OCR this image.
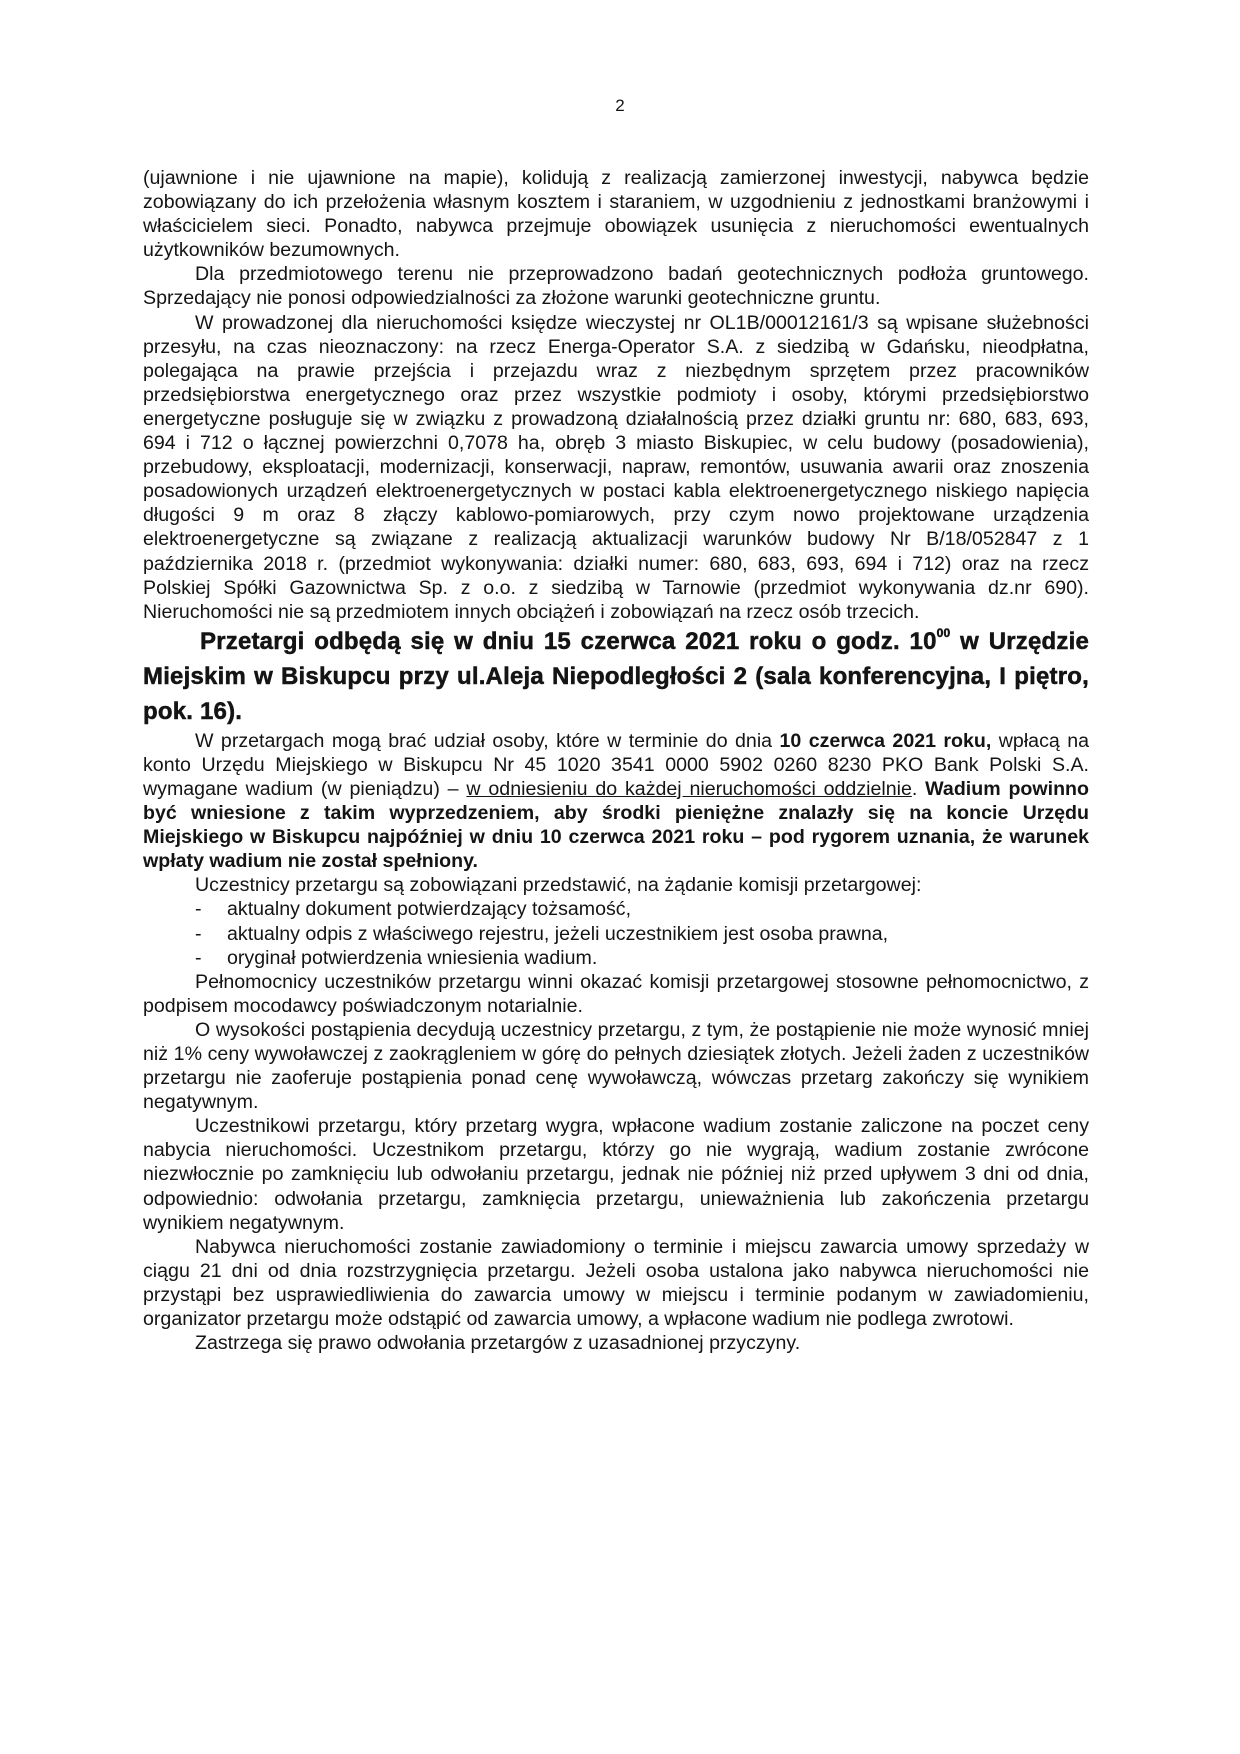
2

(ujawnione i nie ujawnione na mapie), kolidują z realizacją zamierzonej inwestycji, nabywca będzie zobowiązany do ich przełożenia własnym kosztem i staraniem, w uzgodnieniu z jednostkami branżowymi i właścicielem sieci. Ponadto, nabywca przejmuje obowiązek usunięcia z nieruchomości ewentualnych użytkowników bezumownych.

Dla przedmiotowego terenu nie przeprowadzono badań geotechnicznych podłoża gruntowego. Sprzedający nie ponosi odpowiedzialności za złożone warunki geotechniczne gruntu.

W prowadzonej dla nieruchomości księdze wieczystej nr OL1B/00012161/3 są wpisane służebności przesyłu, na czas nieoznaczony: na rzecz Energa-Operator S.A. z siedzibą w Gdańsku, nieodpłatna, polegająca na prawie przejścia i przejazdu wraz z niezbędnym sprzętem przez pracowników przedsiębiorstwa energetycznego oraz przez wszystkie podmioty i osoby, którymi przedsiębiorstwo energetyczne posługuje się w związku z prowadzoną działalnością przez działki gruntu nr: 680, 683, 693, 694 i 712 o łącznej powierzchni 0,7078 ha, obręb 3 miasto Biskupiec, w celu budowy (posadowienia), przebudowy, eksploatacji, modernizacji, konserwacji, napraw, remontów, usuwania awarii oraz znoszenia posadowionych urządzeń elektroenergetycznych w postaci kabla elektroenergetycznego niskiego napięcia długości 9 m oraz 8 złączy kablowo-pomiarowych, przy czym nowo projektowane urządzenia elektroenergetyczne są związane z realizacją aktualizacji warunków budowy Nr B/18/052847 z 1 października 2018 r. (przedmiot wykonywania: działki numer: 680, 683, 693, 694 i 712) oraz na rzecz Polskiej Spółki Gazownictwa Sp. z o.o. z siedzibą w Tarnowie (przedmiot wykonywania dz.nr 690). Nieruchomości nie są przedmiotem innych obciążeń i zobowiązań na rzecz osób trzecich.

Przetargi odbędą się w dniu 15 czerwca 2021 roku o godz. $10^{00}$ w Urzędzie Miejskim w Biskupcu przy ul.Aleja Niepodległości 2 (sala konferencyjna, I piętro, pok. 16).

W przetargach mogą brać udział osoby, które w terminie do dnia 10 czerwca 2021 roku, wpłacą na konto Urzędu Miejskiego w Biskupcu Nr 45 1020 3541 0000 5902 0260 8230 PKO Bank Polski S.A. wymagane wadium (w pieniądzu) – w odniesieniu do każdej nieruchomości oddzielnie. Wadium powinno być wniesione z takim wyprzedzeniem, aby środki pieniężne znalazły się na koncie Urzędu Miejskiego w Biskupcu najpóźniej w dniu 10 czerwca 2021 roku – pod rygorem uznania, że warunek wpłaty wadium nie został spełniony.

Uczestnicy przetargu są zobowiązani przedstawić, na żądanie komisji przetargowej:

- aktualny dokument potwierdzający tożsamość,
- aktualny odpis z właściwego rejestru, jeżeli uczestnikiem jest osoba prawna,
- oryginał potwierdzenia wniesienia wadium.

Pełnomocnicy uczestników przetargu winni okazać komisji przetargowej stosowne pełnomocnictwo, z podpisem mocodawcy poświadczonym notarialnie.

O wysokości postąpienia decydują uczestnicy przetargu, z tym, że postąpienie nie może wynosić mniej niż 1% ceny wywoławczej z zaokrągleniem w górę do pełnych dziesiątek złotych. Jeżeli żaden z uczestników przetargu nie zaoferuje postąpienia ponad cenę wywoławczą, wówczas przetarg zakończy się wynikiem negatywnym.

Uczestnikowi przetargu, który przetarg wygra, wpłacone wadium zostanie zaliczone na poczet ceny nabycia nieruchomości. Uczestnikom przetargu, którzy go nie wygrają, wadium zostanie zwrócone niezwłocznie po zamknięciu lub odwołaniu przetargu, jednak nie później niż przed upływem 3 dni od dnia, odpowiednio: odwołania przetargu, zamknięcia przetargu, unieważnienia lub zakończenia przetargu wynikiem negatywnym.

Nabywca nieruchomości zostanie zawiadomiony o terminie i miejscu zawarcia umowy sprzedaży w ciągu 21 dni od dnia rozstrzygnięcia przetargu. Jeżeli osoba ustalona jako nabywca nieruchomości nie przystąpi bez usprawiedliwienia do zawarcia umowy w miejscu i terminie podanym w zawiadomieniu, organizator przetargu może odstąpić od zawarcia umowy, a wpłacone wadium nie podlega zwrotowi.

Zastrzega się prawo odwołania przetargów z uzasadnionej przyczyny.
